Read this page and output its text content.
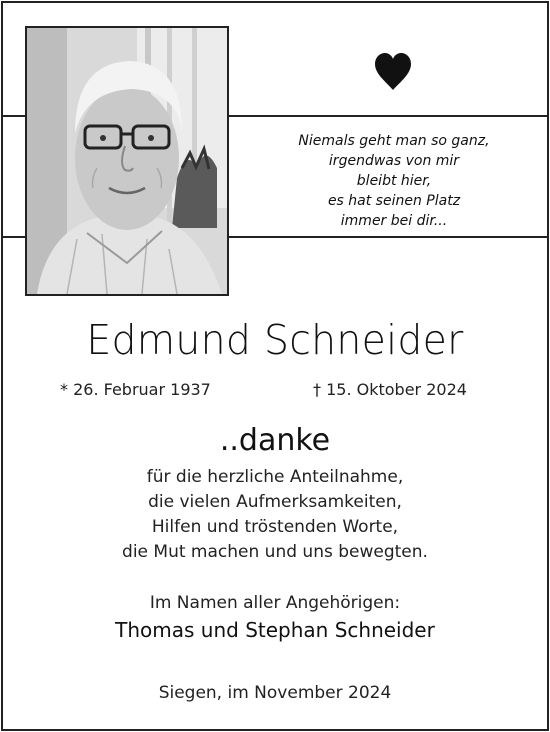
Niemals geht man so ganz,
irgendwas von mir
bleibt hier,
es hat seinen Platz
immer bei dir...
Edmund Schneider
* 26. Februar 1937	† 15. Oktober 2024
..danke
für die herzliche Anteilnahme,
die vielen Aufmerksamkeiten,
Hilfen und tröstenden Worte,
die Mut machen und uns bewegten.
Im Namen aller Angehörigen:
Thomas und Stephan Schneider
Siegen, im November 2024
